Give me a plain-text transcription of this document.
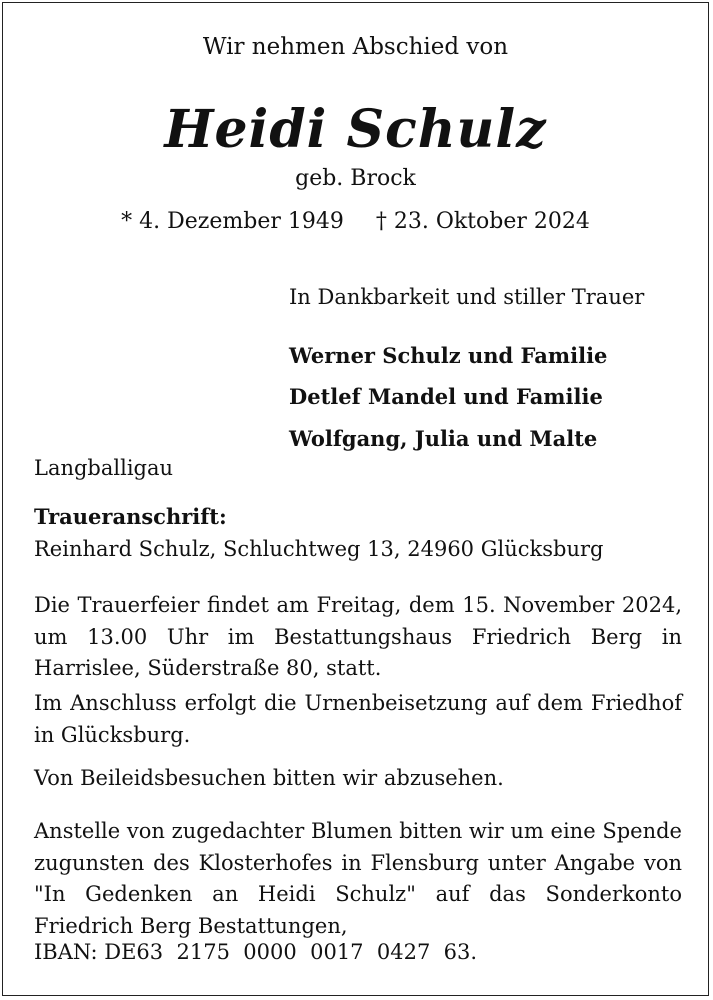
Wir nehmen Abschied von
Heidi Schulz
geb. Brock
* 4. Dezember 1949 † 23. Oktober 2024
In Dankbarkeit und stiller Trauer
Werner Schulz und Familie
Detlef Mandel und Familie
Wolfgang, Julia und Malte
Langballigau
Traueranschrift:
Reinhard Schulz, Schluchtweg 13, 24960 Glücksburg
Die Trauerfeier findet am Freitag, dem 15. November 2024, um 13.00 Uhr im Bestattungshaus Friedrich Berg in Harrislee, Süderstraße 80, statt.
Im Anschluss erfolgt die Urnenbeisetzung auf dem Friedhof in Glücksburg.
Von Beileidsbesuchen bitten wir abzusehen.
Anstelle von zugedachter Blumen bitten wir um eine Spende zugunsten des Klosterhofes in Flensburg unter Angabe von "In Gedenken an Heidi Schulz" auf das Sonderkonto Friedrich Berg Bestattungen,
IBAN: DE63  2175  0000  0017  0427  63.
